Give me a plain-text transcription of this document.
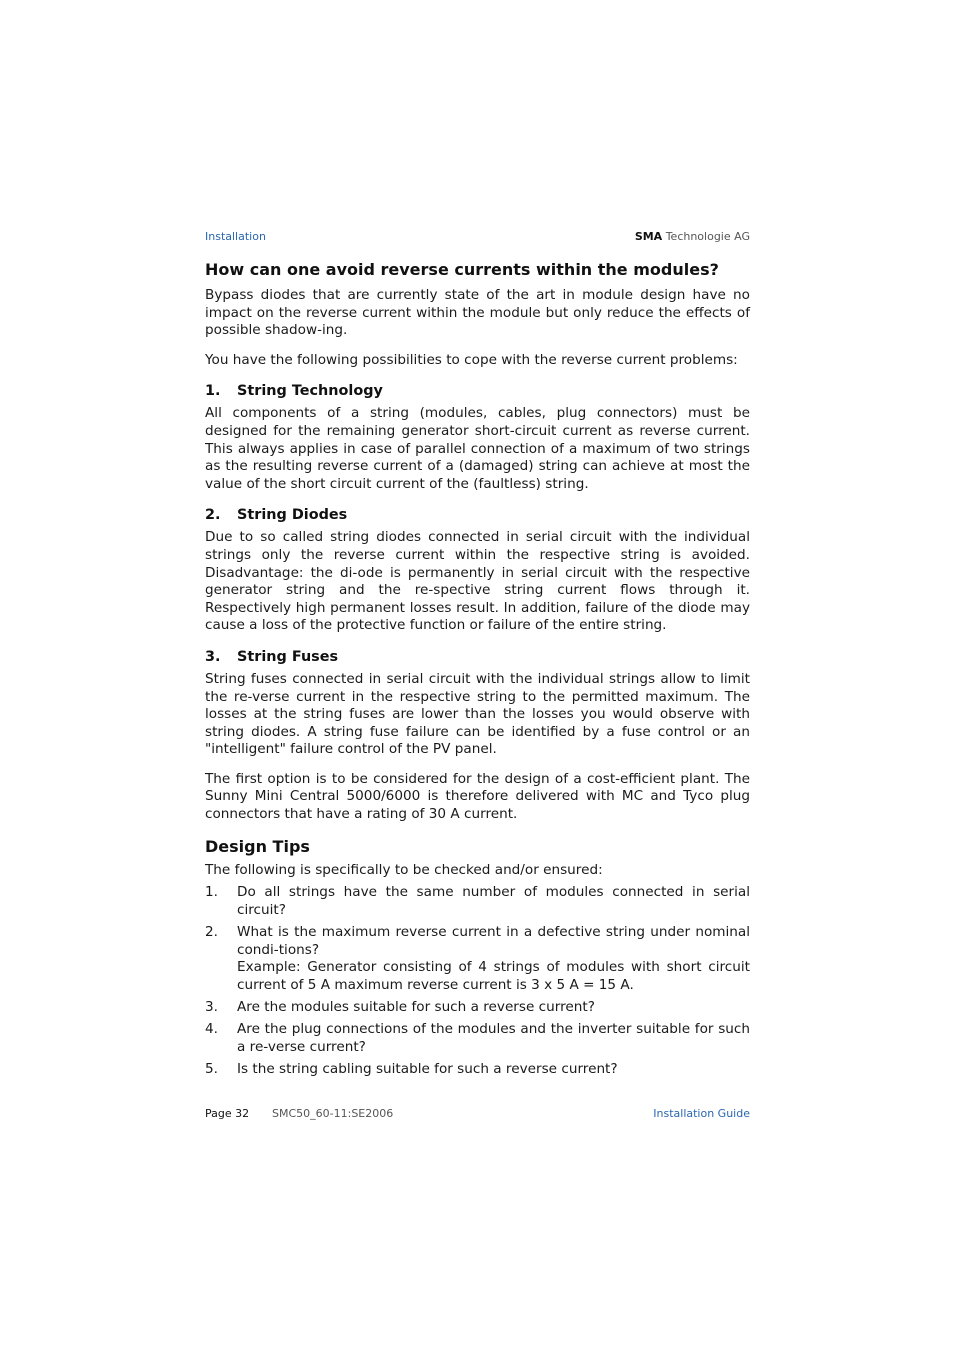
Installation	SMA Technologie AG
How can one avoid reverse currents within the modules?

Bypass diodes that are currently state of the art in module design have no impact on the reverse current within the module but only reduce the effects of possible shadow-ing.

You have the following possibilities to cope with the reverse current problems:

1. String Technology

All components of a string (modules, cables, plug connectors) must be designed for the remaining generator short-circuit current as reverse current. This always applies in case of parallel connection of a maximum of two strings as the resulting reverse current of a (damaged) string can achieve at most the value of the short circuit current of the (faultless) string.

2. String Diodes

Due to so called string diodes connected in serial circuit with the individual strings only the reverse current within the respective string is avoided. Disadvantage: the di-ode is permanently in serial circuit with the respective generator string and the re-spective string current flows through it. Respectively high permanent losses result. In addition, failure of the diode may cause a loss of the protective function or failure of the entire string.

3. String Fuses

String fuses connected in serial circuit with the individual strings allow to limit the re-verse current in the respective string to the permitted maximum. The losses at the string fuses are lower than the losses you would observe with string diodes. A string fuse failure can be identified by a fuse control or an "intelligent" failure control of the PV panel.

The first option is to be considered for the design of a cost-efficient plant. The Sunny Mini Central 5000/6000 is therefore delivered with MC and Tyco plug connectors that have a rating of 30 A current.

Design Tips

The following is specifically to be checked and/or ensured:

1. Do all strings have the same number of modules connected in serial circuit?
2. What is the maximum reverse current in a defective string under nominal condi-tions?
Example: Generator consisting of 4 strings of modules with short circuit current of 5 A maximum reverse current is 3 x 5 A = 15 A.
3. Are the modules suitable for such a reverse current?
4. Are the plug connections of the modules and the inverter suitable for such a re-verse current?
5. Is the string cabling suitable for such a reverse current?
Page 32 SMC50_60-11:SE2006	Installation Guide
